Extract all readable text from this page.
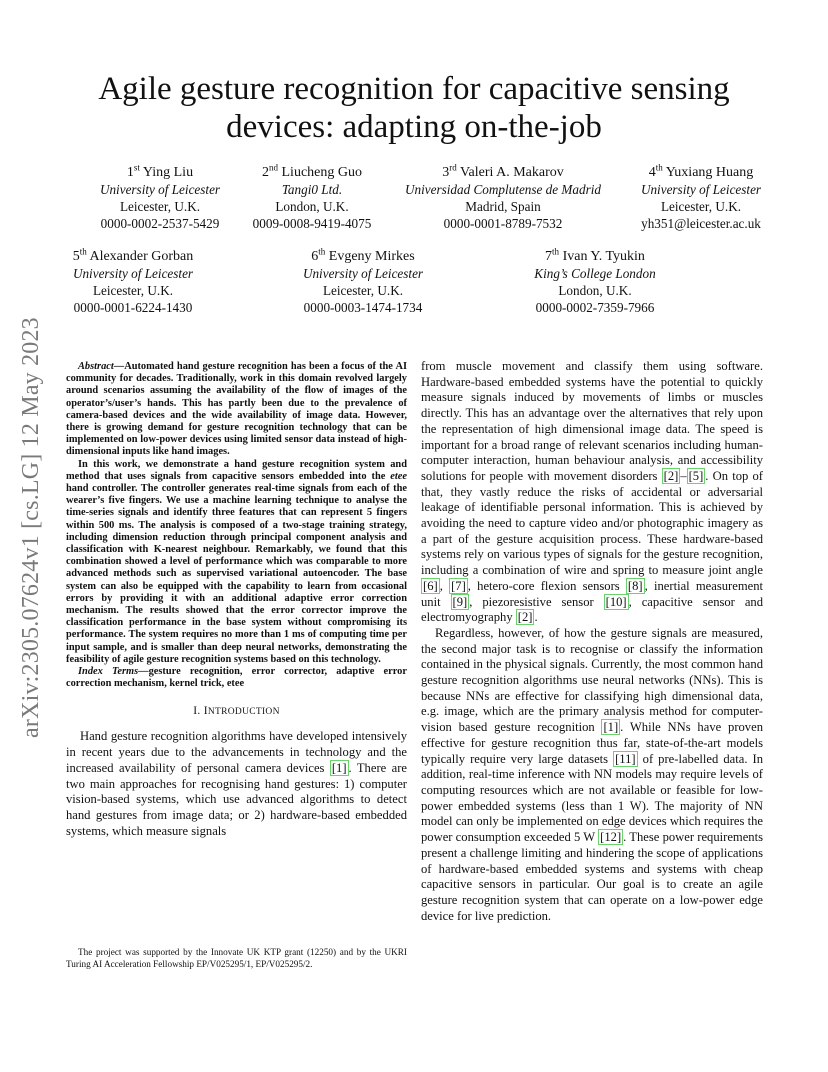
arXiv:2305.07624v1 [cs.LG] 12 May 2023
Agile gesture recognition for capacitive sensing devices: adapting on-the-job
1st Ying Liu
University of Leicester
Leicester, U.K.
0000-0002-2537-5429
2nd Liucheng Guo
Tangi0 Ltd.
London, U.K.
0009-0008-9419-4075
3rd Valeri A. Makarov
Universidad Complutense de Madrid
Madrid, Spain
0000-0001-8789-7532
4th Yuxiang Huang
University of Leicester
Leicester, U.K.
yh351@leicester.ac.uk
5th Alexander Gorban
University of Leicester
Leicester, U.K.
0000-0001-6224-1430
6th Evgeny Mirkes
University of Leicester
Leicester, U.K.
0000-0003-1474-1734
7th Ivan Y. Tyukin
King’s College London
London, U.K.
0000-0002-7359-7966

Abstract—Automated hand gesture recognition has been a focus of the AI community for decades. Traditionally, work in this domain revolved largely around scenarios assuming the availability of the flow of images of the operator’s/user’s hands. This has partly been due to the prevalence of camera-based devices and the wide availability of image data. However, there is growing demand for gesture recognition technology that can be implemented on low-power devices using limited sensor data instead of high-dimensional inputs like hand images.

In this work, we demonstrate a hand gesture recognition system and method that uses signals from capacitive sensors embedded into the etee hand controller. The controller generates real-time signals from each of the wearer’s five fingers. We use a machine learning technique to analyse the time-series signals and identify three features that can represent 5 fingers within 500 ms. The analysis is composed of a two-stage training strategy, including dimension reduction through principal component analysis and classification with K-nearest neighbour. Remarkably, we found that this combination showed a level of performance which was comparable to more advanced methods such as supervised variational autoencoder. The base system can also be equipped with the capability to learn from occasional errors by providing it with an additional adaptive error correction mechanism. The results showed that the error corrector improve the classification performance in the base system without compromising its performance. The system requires no more than 1 ms of computing time per input sample, and is smaller than deep neural networks, demonstrating the feasibility of agile gesture recognition systems based on this technology.

Index Terms—gesture recognition, error corrector, adaptive error correction mechanism, kernel trick, etee

I. INTRODUCTION

Hand gesture recognition algorithms have developed intensively in recent years due to the advancements in technology and the increased availability of personal camera devices [1] . There are two main approaches for recognising hand gestures: 1) computer vision-based systems, which use advanced algorithms to detect hand gestures from image data; or 2) hardware-based embedded systems, which measure signals

The project was supported by the Innovate UK KTP grant (12250) and by the UKRI Turing AI Acceleration Fellowship EP/V025295/1, EP/V025295/2.

from muscle movement and classify them using software. Hardware-based embedded systems have the potential to quickly measure signals induced by movements of limbs or muscles directly. This has an advantage over the alternatives that rely upon the representation of high dimensional image data. The speed is important for a broad range of relevant scenarios including human-computer interaction, human behaviour analysis, and accessibility solutions for people with movement disorders [2] – [5] . On top of that, they vastly reduce the risks of accidental or adversarial leakage of identifiable personal information. This is achieved by avoiding the need to capture video and/or photographic imagery as a part of the gesture acquisition process. These hardware-based systems rely on various types of signals for the gesture recognition, including a combination of wire and spring to measure joint angle [6] , [7] , hetero-core flexion sensors [8] , inertial measurement unit [9] , piezoresistive sensor [10] , capacitive sensor and electromyography [2] .

Regardless, however, of how the gesture signals are measured, the second major task is to recognise or classify the information contained in the physical signals. Currently, the most common hand gesture recognition algorithms use neural networks (NNs). This is because NNs are effective for classifying high dimensional data, e.g. image, which are the primary analysis method for computer-vision based gesture recognition [1] . While NNs have proven effective for gesture recognition thus far, state-of-the-art models typically require very large datasets [11] of pre-labelled data. In addition, real-time inference with NN models may require levels of computing resources which are not available or feasible for low-power embedded systems (less than 1 W). The majority of NN model can only be implemented on edge devices which requires the power consumption exceeded 5 W [12] . These power requirements present a challenge limiting and hindering the scope of applications of hardware-based embedded systems and systems with cheap capacitive sensors in particular. Our goal is to create an agile gesture recognition system that can operate on a low-power edge device for live prediction.
